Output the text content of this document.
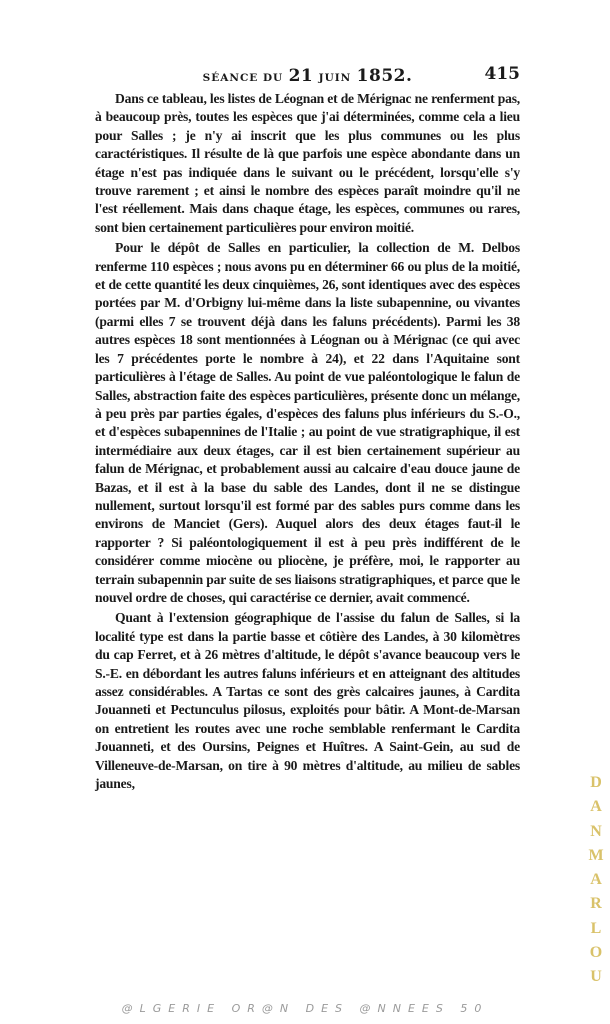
SÉANCE DU 21 JUIN 1852.	415

Dans ce tableau, les listes de Léognan et de Mérignac ne renferment pas, à beaucoup près, toutes les espèces que j'ai déterminées, comme cela a lieu pour Salles ; je n'y ai inscrit que les plus communes ou les plus caractéristiques. Il résulte de là que parfois une espèce abondante dans un étage n'est pas indiquée dans le suivant ou le précédent, lorsqu'elle s'y trouve rarement ; et ainsi le nombre des espèces paraît moindre qu'il ne l'est réellement. Mais dans chaque étage, les espèces, communes ou rares, sont bien certainement particulières pour environ moitié.

Pour le dépôt de Salles en particulier, la collection de M. Delbos renferme 110 espèces ; nous avons pu en déterminer 66 ou plus de la moitié, et de cette quantité les deux cinquièmes, 26, sont identiques avec des espèces portées par M. d'Orbigny lui-même dans la liste subapennine, ou vivantes (parmi elles 7 se trouvent déjà dans les faluns précédents). Parmi les 38 autres espèces 18 sont mentionnées à Léognan ou à Mérignac (ce qui avec les 7 précédentes porte le nombre à 24), et 22 dans l'Aquitaine sont particulières à l'étage de Salles. Au point de vue paléontologique le falun de Salles, abstraction faite des espèces particulières, présente donc un mélange, à peu près par parties égales, d'espèces des faluns plus inférieurs du S.-O., et d'espèces subapennines de l'Italie ; au point de vue stratigraphique, il est intermédiaire aux deux étages, car il est bien certainement supérieur au falun de Mérignac, et probablement aussi au calcaire d'eau douce jaune de Bazas, et il est à la base du sable des Landes, dont il ne se distingue nullement, surtout lorsqu'il est formé par des sables purs comme dans les environs de Manciet (Gers). Auquel alors des deux étages faut-il le rapporter ? Si paléontologiquement il est à peu près indifférent de le considérer comme miocène ou pliocène, je préfère, moi, le rapporter au terrain subapennin par suite de ses liaisons stratigraphiques, et parce que le nouvel ordre de choses, qui caractérise ce dernier, avait commencé.

Quant à l'extension géographique de l'assise du falun de Salles, si la localité type est dans la partie basse et côtière des Landes, à 30 kilomètres du cap Ferret, et à 26 mètres d'altitude, le dépôt s'avance beaucoup vers le S.-E. en débordant les autres faluns inférieurs et en atteignant des altitudes assez considérables. A Tartas ce sont des grès calcaires jaunes, à Cardita Jouanneti et Pectunculus pilosus, exploités pour bâtir. A Mont-de-Marsan on entretient les routes avec une roche semblable renfermant le Cardita Jouanneti, et des Oursins, Peignes et Huîtres. A Saint-Gein, au sud de Villeneuve-de-Marsan, on tire à 90 mètres d'altitude, au milieu de sables jaunes,	D
A
N
M
A
R
L
O
U
@LGERIE OR@N DES @NNEES 50
